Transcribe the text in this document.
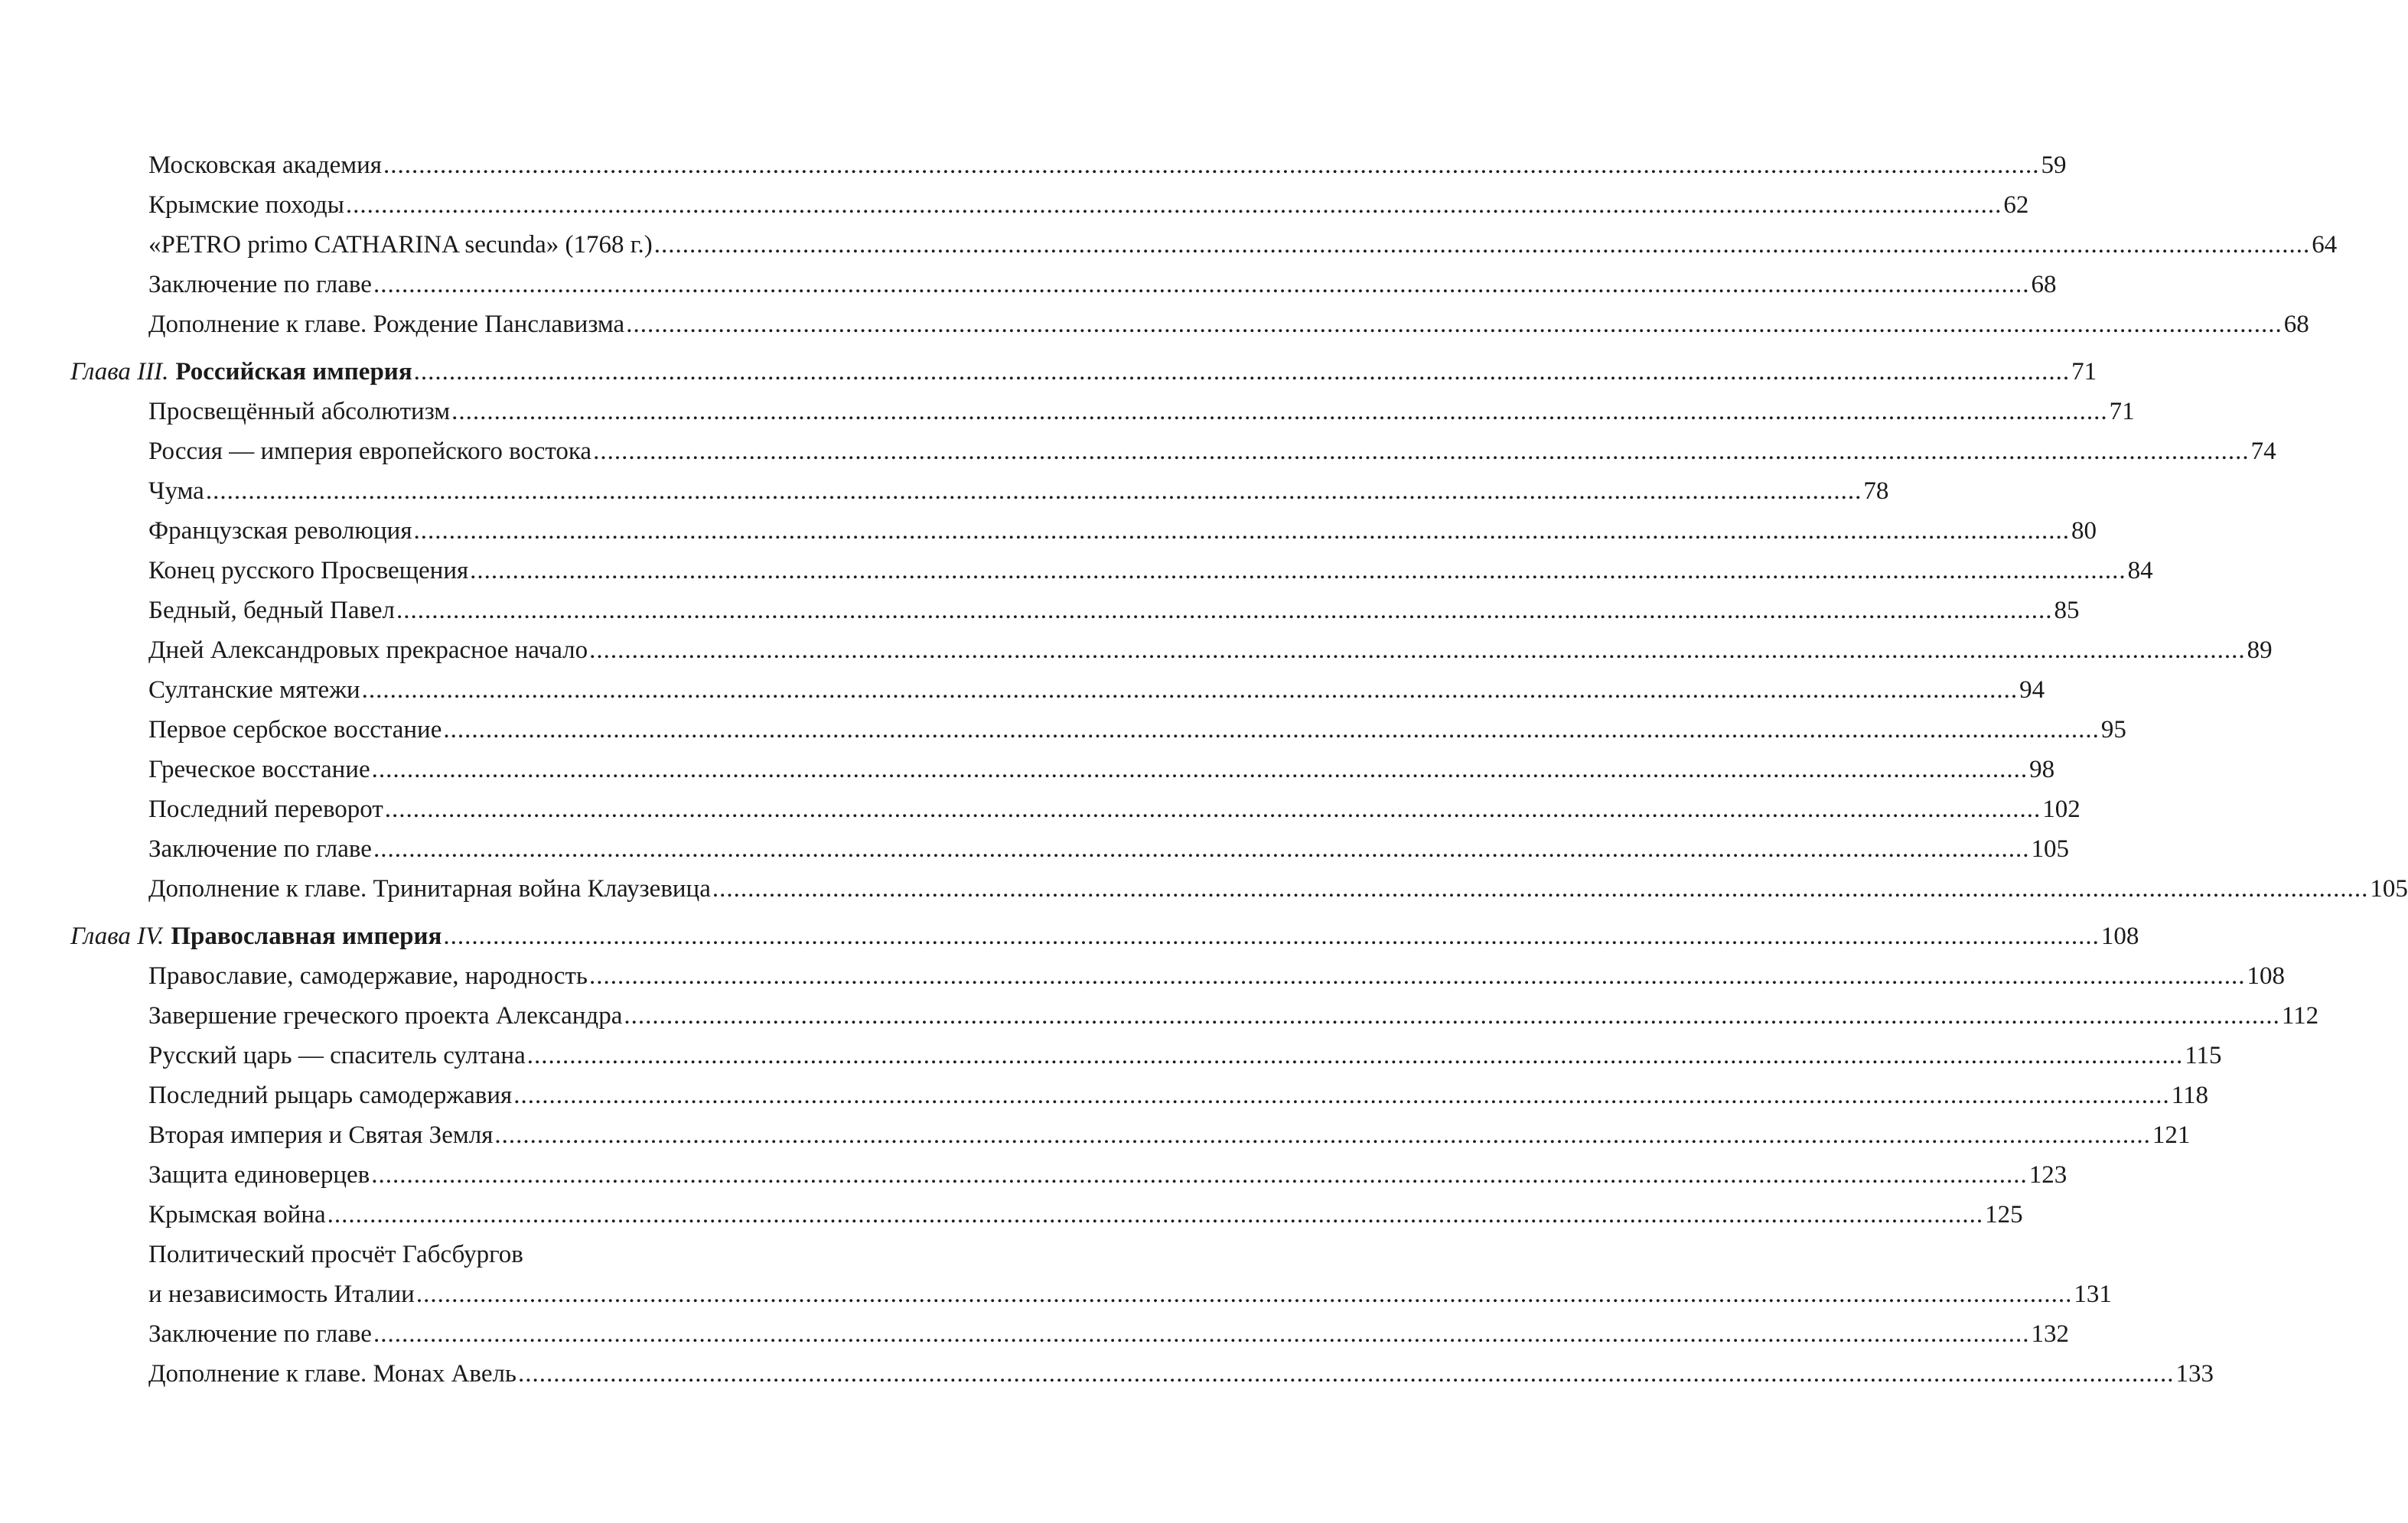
Московская академия .....	59
Крымские походы .....	62
«PETRO primo CATHARINA secunda» (1768 г.) .....	64
Заключение по главе .....	68
Дополнение к главе. Рождение Панславизма .....	68
Глава III. Российская империя .....	71
Просвещённый абсолютизм .....	71
Россия — империя европейского востока .....	74
Чума .....	78
Французская революция .....	80
Конец русского Просвещения .....	84
Бедный, бедный Павел .....	85
Дней Александровых прекрасное начало .....	89
Султанские мятежи .....	94
Первое сербское восстание .....	95
Греческое восстание .....	98
Последний переворот .....	102
Заключение по главе .....	105
Дополнение к главе. Тринитарная война Клаузевица .....	105
Глава IV. Православная империя .....	108
Православие, самодержавие, народность .....	108
Завершение греческого проекта Александра .....	112
Русский царь — спаситель султана .....	115
Последний рыцарь самодержавия .....	118
Вторая империя и Святая Земля .....	121
Защита единоверцев .....	123
Крымская война .....	125
Политический просчёт Габсбургов
и независимость Италии .....	131
Заключение по главе .....	132
Дополнение к главе. Монах Авель .....	133
